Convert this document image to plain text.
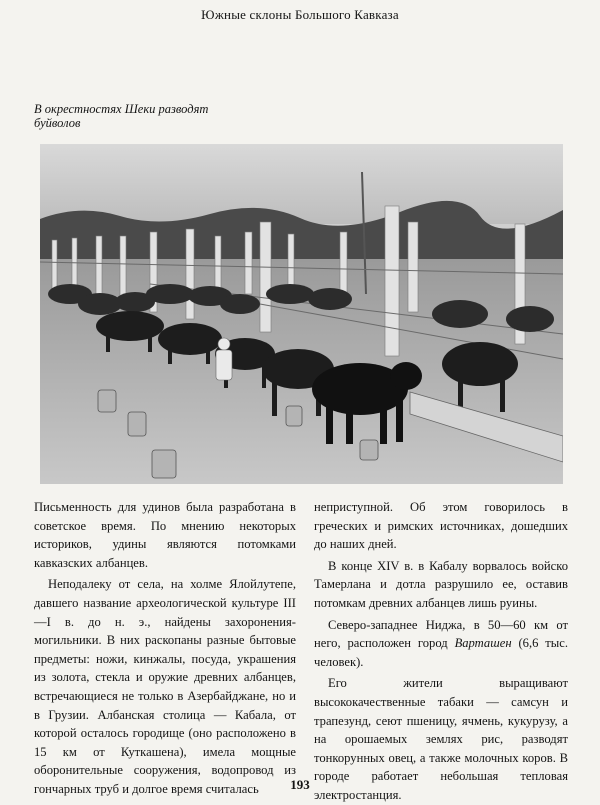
Южные склоны Большого Кавказа
В окрестностях Шеки разводят
буйволов

Письменность для удинов была разработана в советское время. По мнению некоторых историков, удины являются потомками кавказских албанцев.

Неподалеку от села, на холме Ялойлутепе, давшего название археологической культуре III—I в. до н. э., найдены захоронения-могильники. В них раскопаны разные бытовые предметы: ножи, кинжалы, посуда, украшения из золота, стекла и оружие древних албанцев, встречающиеся не только в Азербайджане, но и в Грузии. Албанская столица — Кабала, от которой осталось городище (оно расположено в 15 км от Куткашена), имела мощные оборонительные сооружения, водопровод из гончарных труб и долгое время считалась

неприступной. Об этом говорилось в греческих и римских источниках, дошедших до наших дней.

В конце XIV в. в Кабалу ворвалось войско Тамерлана и дотла разрушило ее, оставив потомкам древних албанцев лишь руины.

Северо-западнее Ниджа, в 50—60 км от него, расположен город Варташен (6,6 тыс. человек).

Его жители выращивают высококачественные табаки — самсун и трапезунд, сеют пшеницу, ячмень, кукурузу, а на орошаемых землях рис, разводят тонкорунных овец, а также молочных коров. В городе работает небольшая тепловая электростанция.

193
